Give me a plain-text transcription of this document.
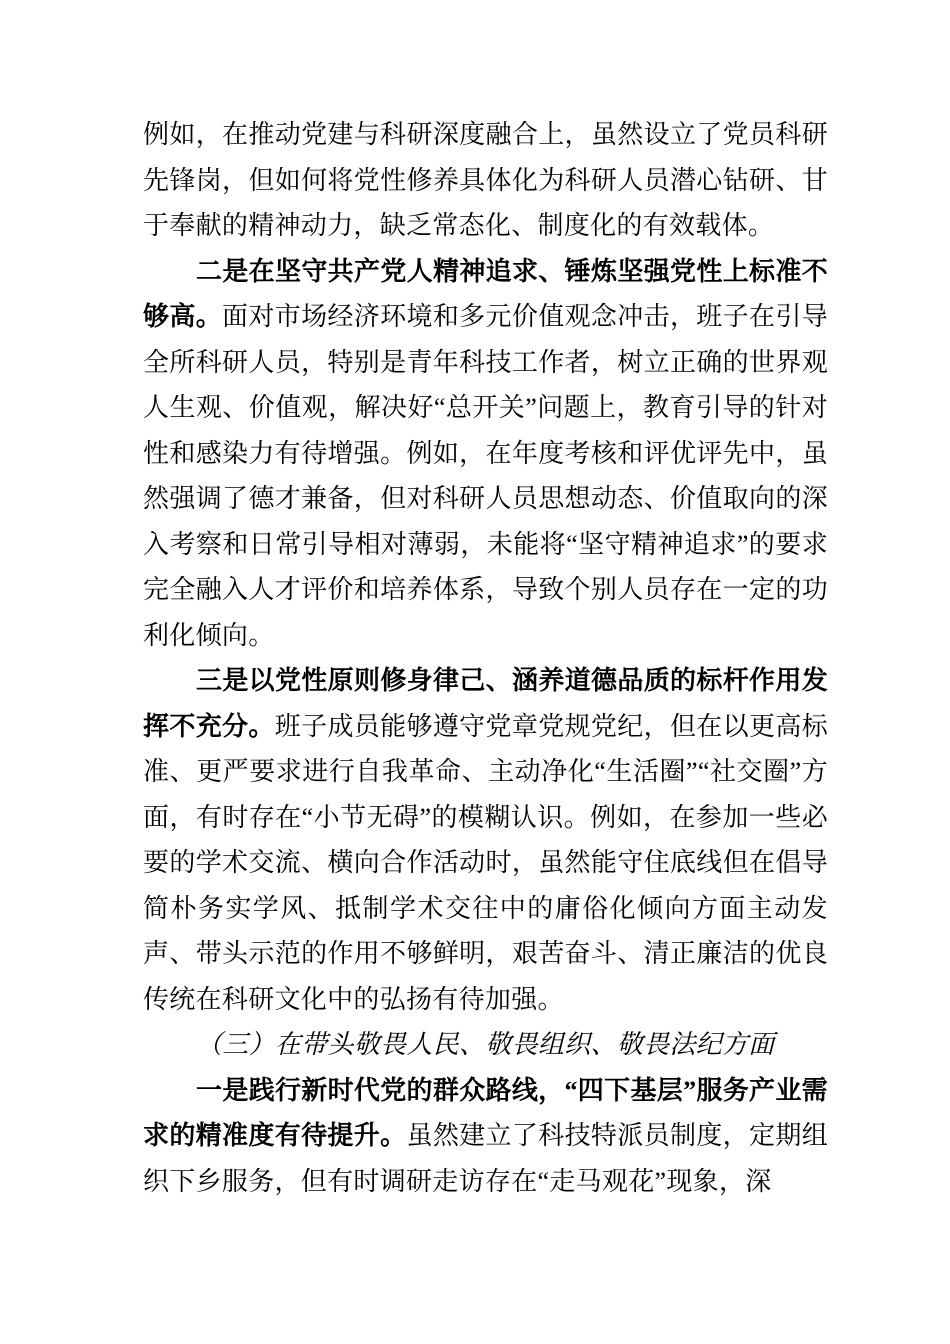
例如，在推动党建与科研深度融合上，虽然设立了党员科研先锋岗，但如何将党性修养具体化为科研人员潜心钻研、甘于奉献的精神动力，缺乏常态化、制度化的有效载体。

二是在坚守共产党人精神追求、锤炼坚强党性上标准不够高。面对市场经济环境和多元价值观念冲击，班子在引导全所科研人员，特别是青年科技工作者，树立正确的世界观人生观、价值观，解决好“总开关”问题上，教育引导的针对性和感染力有待增强。例如，在年度考核和评优评先中，虽然强调了德才兼备，但对科研人员思想动态、价值取向的深入考察和日常引导相对薄弱，未能将“坚守精神追求”的要求完全融入人才评价和培养体系，导致个别人员存在一定的功利化倾向。

三是以党性原则修身律己、涵养道德品质的标杆作用发挥不充分。班子成员能够遵守党章党规党纪，但在以更高标准、更严要求进行自我革命、主动净化“生活圈”“社交圈”方面，有时存在“小节无碍”的模糊认识。例如，在参加一些必要的学术交流、横向合作活动时，虽然能守住底线但在倡导简朴务实学风、抵制学术交往中的庸俗化倾向方面主动发声、带头示范的作用不够鲜明，艰苦奋斗、清正廉洁的优良传统在科研文化中的弘扬有待加强。

（三）在带头敬畏人民、敬畏组织、敬畏法纪方面

一是践行新时代党的群众路线，“四下基层”服务产业需求的精准度有待提升。虽然建立了科技特派员制度，定期组织下乡服务，但有时调研走访存在“走马观花”现象，深
